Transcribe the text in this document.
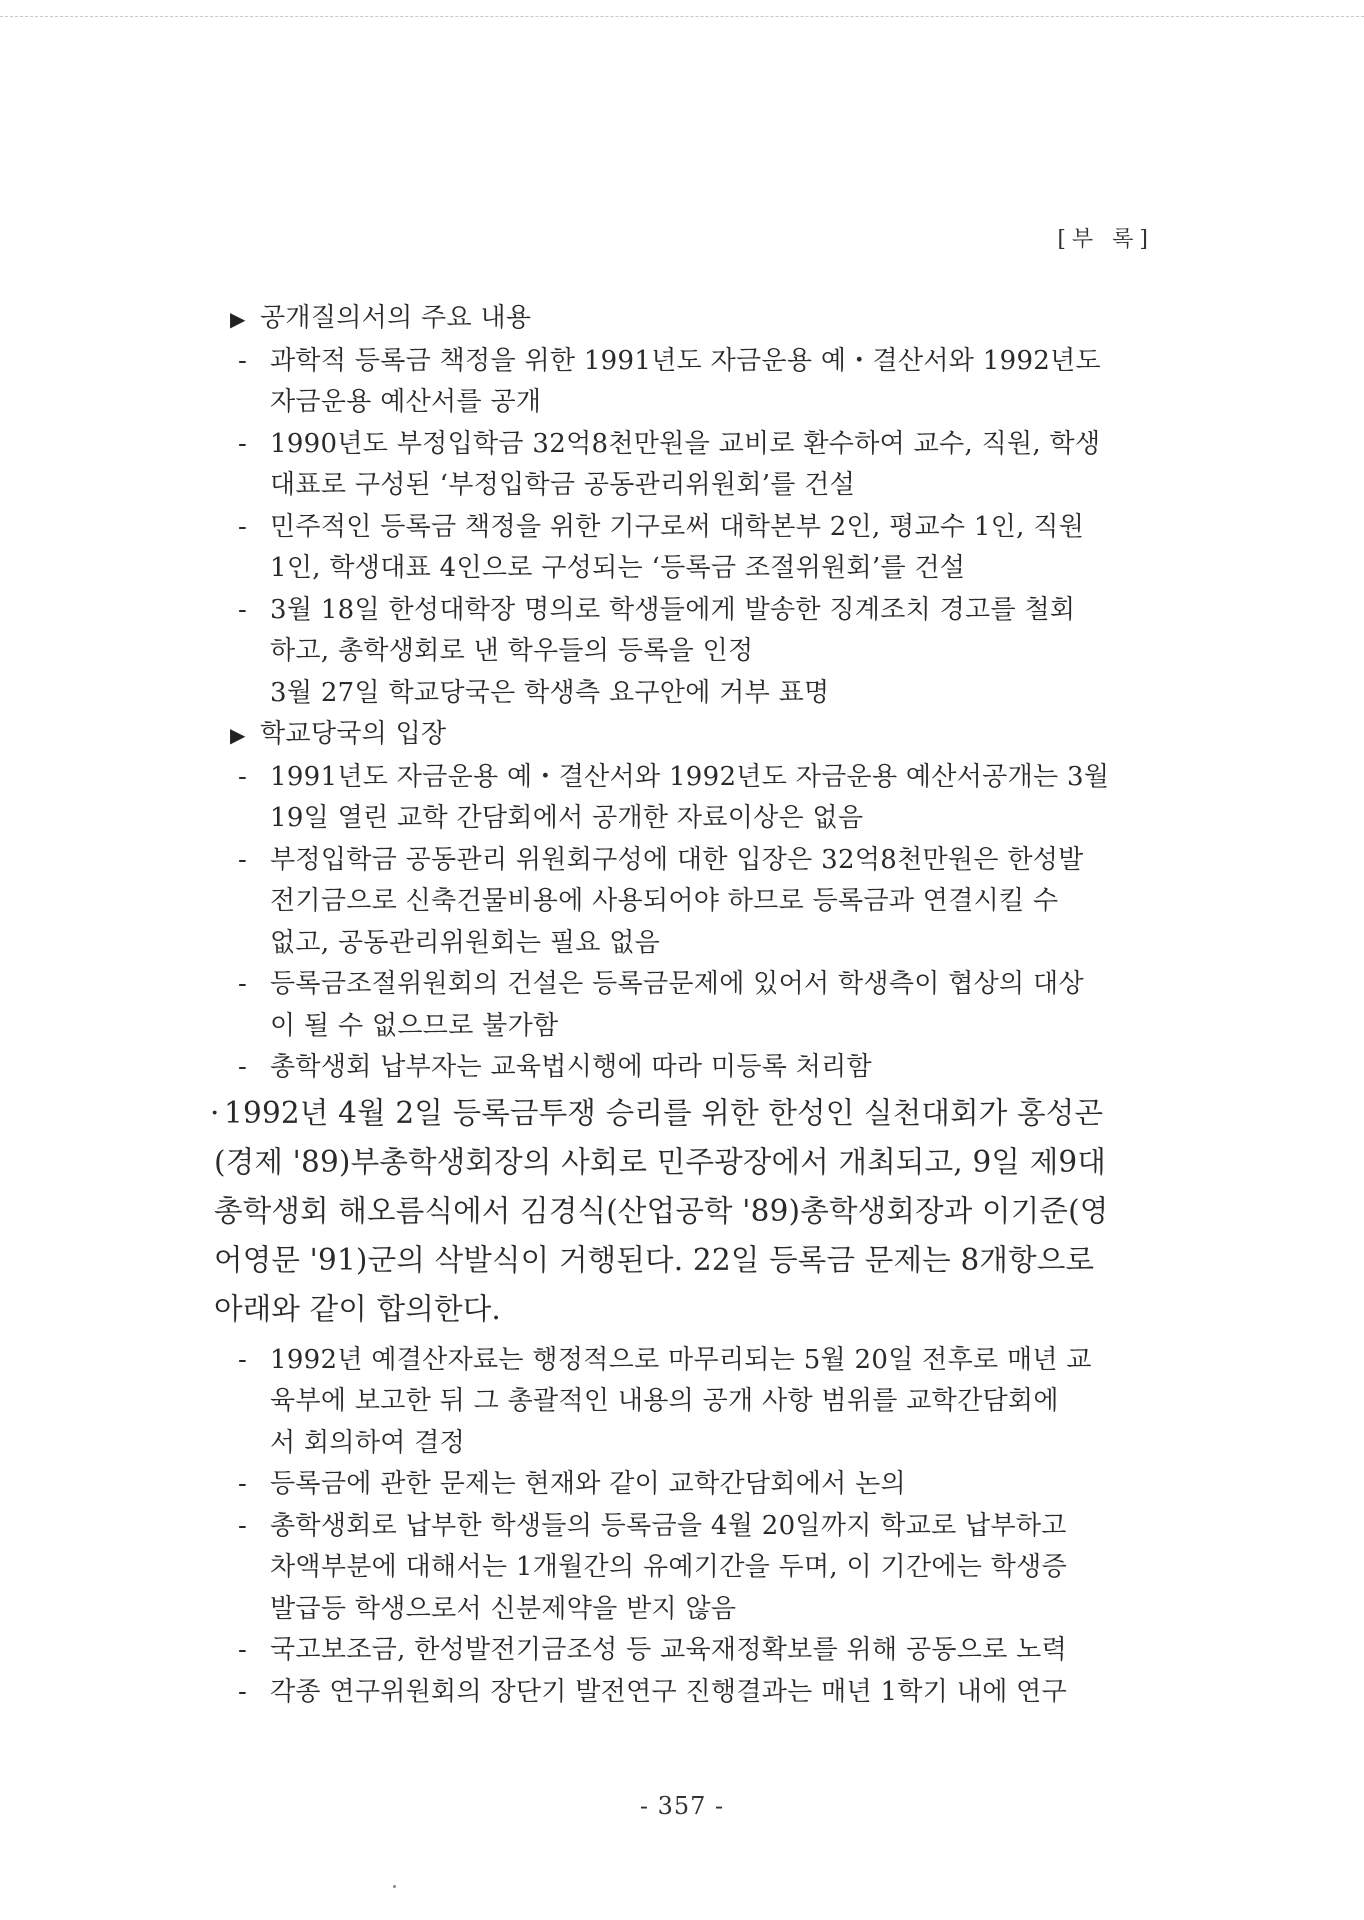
[부 록]
▶ 공개질의서의 주요 내용
- 과학적 등록금 책정을 위한 1991년도 자금운용 예・결산서와 1992년도
자금운용 예산서를 공개
- 1990년도 부정입학금 32억8천만원을 교비로 환수하여 교수, 직원, 학생
대표로 구성된 ‘부정입학금 공동관리위원회’를 건설
- 민주적인 등록금 책정을 위한 기구로써 대학본부 2인, 평교수 1인, 직원
1인, 학생대표 4인으로 구성되는 ‘등록금 조절위원회’를 건설
- 3월 18일 한성대학장 명의로 학생들에게 발송한 징계조치 경고를 철회
하고, 총학생회로 낸 학우들의 등록을 인정
3월 27일 학교당국은 학생측 요구안에 거부 표명
▶ 학교당국의 입장
- 1991년도 자금운용 예・결산서와 1992년도 자금운용 예산서공개는 3월
19일 열린 교학 간담회에서 공개한 자료이상은 없음
- 부정입학금 공동관리 위원회구성에 대한 입장은 32억8천만원은 한성발
전기금으로 신축건물비용에 사용되어야 하므로 등록금과 연결시킬 수
없고, 공동관리위원회는 필요 없음
- 등록금조절위원회의 건설은 등록금문제에 있어서 학생측이 협상의 대상
이 될 수 없으므로 불가함
- 총학생회 납부자는 교육법시행에 따라 미등록 처리함
· 1992년 4월 2일 등록금투쟁 승리를 위한 한성인 실천대회가 홍성곤
(경제 '89)부총학생회장의 사회로 민주광장에서 개최되고, 9일 제9대
총학생회 해오름식에서 김경식(산업공학 '89)총학생회장과 이기준(영
어영문 '91)군의 삭발식이 거행된다. 22일 등록금 문제는 8개항으로
아래와 같이 합의한다.
- 1992년 예결산자료는 행정적으로 마무리되는 5월 20일 전후로 매년 교
육부에 보고한 뒤 그 총괄적인 내용의 공개 사항 범위를 교학간담회에
서 회의하여 결정
- 등록금에 관한 문제는 현재와 같이 교학간담회에서 논의
- 총학생회로 납부한 학생들의 등록금을 4월 20일까지 학교로 납부하고
차액부분에 대해서는 1개월간의 유예기간을 두며, 이 기간에는 학생증
발급등 학생으로서 신분제약을 받지 않음
- 국고보조금, 한성발전기금조성 등 교육재정확보를 위해 공동으로 노력
- 각종 연구위원회의 장단기 발전연구 진행결과는 매년 1학기 내에 연구
- 357 -
